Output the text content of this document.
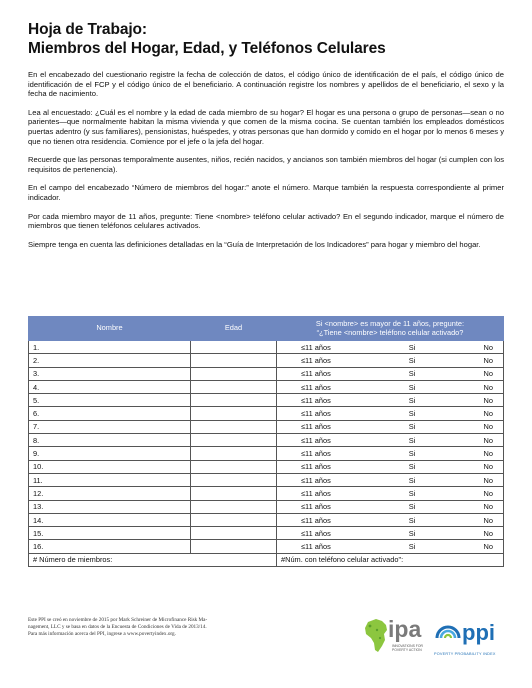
Hoja de Trabajo:
Miembros del Hogar, Edad, y Teléfonos Celulares

En el encabezado del cuestionario registre la fecha de colección de datos, el código único de identificación de el país, el código único de identificación de el FCP y el código único de el beneficiario. A continuación registre los nombres y apellidos de el beneficiario, el sexo y la fecha de nacimiento.

Lea al encuestado: ¿Cuál es el nombre y la edad de cada miembro de su hogar? El hogar es una persona o grupo de personas—sean o no parientes—que normalmente habitan la misma vivienda y que comen de la misma cocina. Se cuentan también los empleados domésticos puertas adentro (y sus familiares), pensionistas, huéspedes, y otras personas que han dormido y comido en el hogar por lo menos 6 meses y que no tienen otra residencia. Comience por el jefe o la jefa del hogar.

Recuerde que las personas temporalmente ausentes, niños, recién nacidos, y ancianos son también miembros del hogar (si cumplen con los requisitos de pertenencia).

En el campo del encabezado “Número de miembros del hogar:” anote el número. Marque también la respuesta correspondiente al primer indicador.

Por cada miembro mayor de 11 años, pregunte: Tiene <nombre> teléfono celular activado? En el segundo indicador, marque el número de miembros que tienen teléfonos celulares activados.

Siempre tenga en cuenta las definiciones detalladas en la “Guía de Interpretación de los Indicadores” para hogar y miembro del hogar.

Nombre	Edad	Si <nombre> es mayor de 11 años, pregunte:
“¿Tiene <nombre> teléfono celular activado?

1.		≤11 años Si No

2.		≤11 años Si No

3.		≤11 años Si No

4.		≤11 años Si No

5.		≤11 años Si No

6.		≤11 años Si No

7.		≤11 años Si No

8.		≤11 años Si No

9.		≤11 años Si No

10.		≤11 años Si No

11.		≤11 años Si No

12.		≤11 años Si No

13.		≤11 años Si No

14.		≤11 años Si No

15.		≤11 años Si No

16.		≤11 años Si No

# Número de miembros:		#Núm. con teléfono celular activado":
Este PPI se creó en noviembre de 2015 por Mark Schreiner de Microfinance Risk Ma-
nagement, LLC y se basa en datos de la Encuesta de Condiciones de Vida de 2013/14.
Para más información acerca del PPI, ingrese a www.povertyindex.org.	ipa
INNOVATIONS FOR POVERTY ACTION
ppi
POVERTY PROBABILITY INDEX
